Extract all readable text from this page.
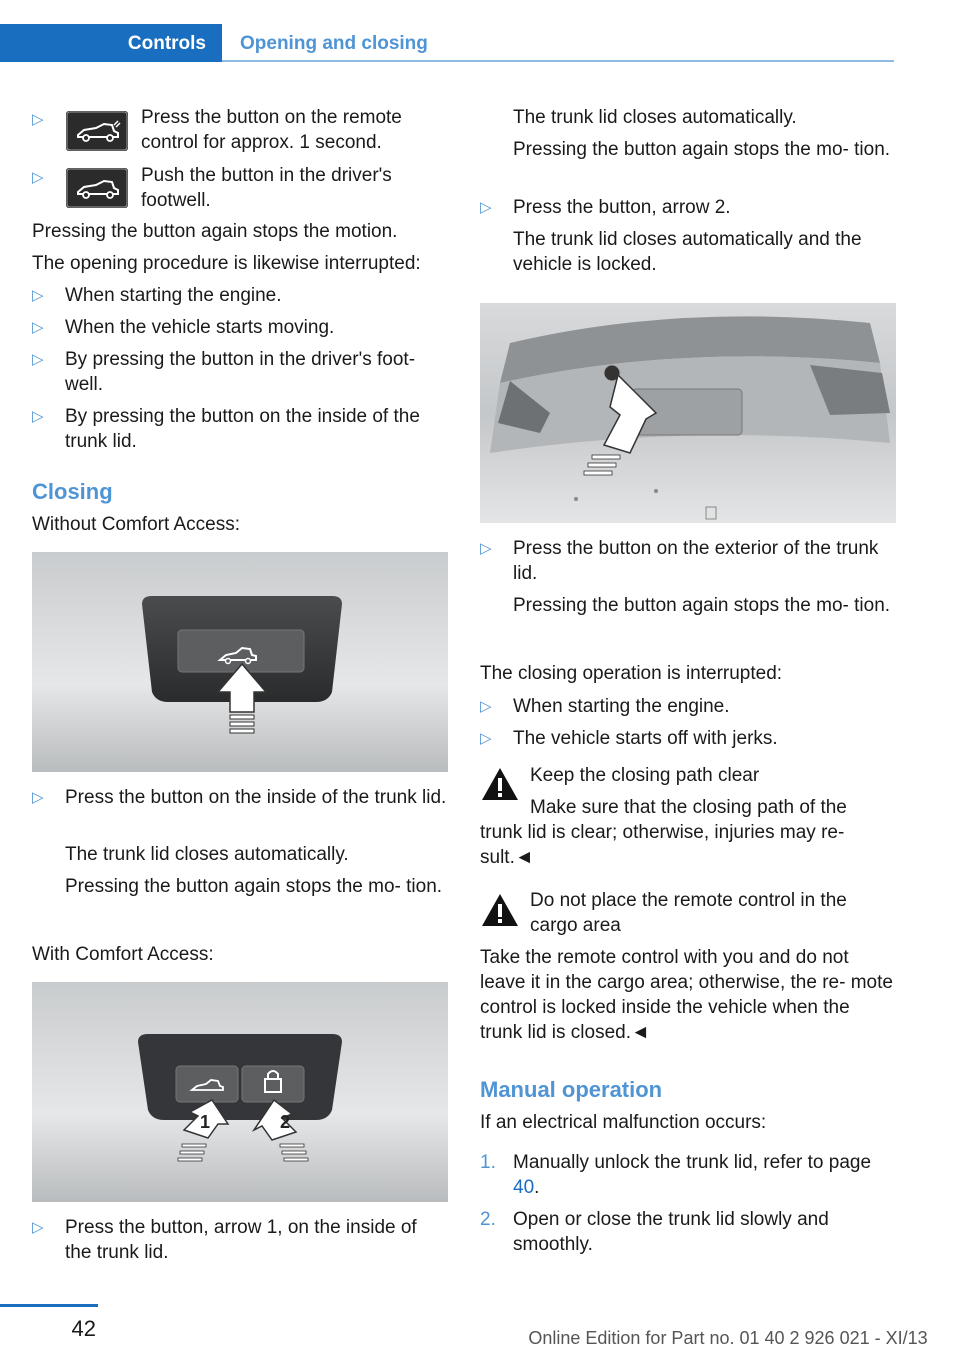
Controls	Opening and closing
▷	Press the button on the remote control for approx. 1 second.
▷	Push the button in the driver's footwell.
Pressing the button again stops the motion.
The opening procedure is likewise interrupted:
▷ When starting the engine.
▷ When the vehicle starts moving.
▷ By pressing the button in the driver's foot‐ well.
▷ By pressing the button on the inside of the trunk lid.
Closing
Without Comfort Access:
▷ Press the button on the inside of the trunk lid.
The trunk lid closes automatically.
Pressing the button again stops the mo‐ tion.
With Comfort Access:
1	2
▷ Press the button, arrow 1, on the inside of the trunk lid.
The trunk lid closes automatically.
Pressing the button again stops the mo‐ tion.
▷ Press the button, arrow 2.
The trunk lid closes automatically and the vehicle is locked.
▷ Press the button on the exterior of the trunk lid.
Pressing the button again stops the mo‐ tion.
The closing operation is interrupted:
▷ When starting the engine.
▷ The vehicle starts off with jerks.
Keep the closing path clear
Make sure that the closing path of the
trunk lid is clear; otherwise, injuries may re‐ sult.◄
Do not place the remote control in the cargo area
Take the remote control with you and do not leave it in the cargo area; otherwise, the re‐ mote control is locked inside the vehicle when the trunk lid is closed.◄
Manual operation
If an electrical malfunction occurs:
1. Manually unlock the trunk lid, refer to page 40.
2. Open or close the trunk lid slowly and smoothly.
42	Online Edition for Part no. 01 40 2 926 021 - XI/13
